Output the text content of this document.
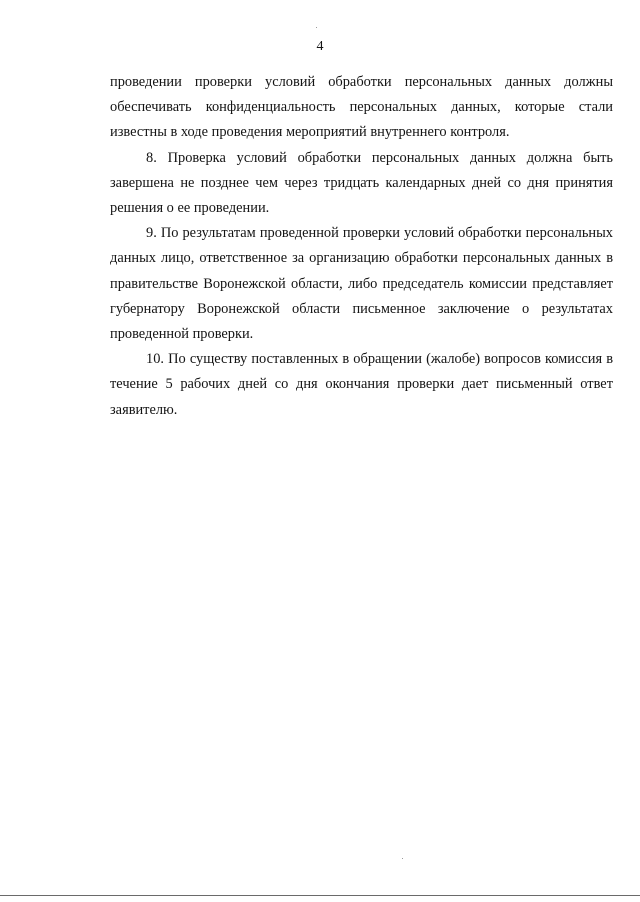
4

проведении проверки условий обработки персональных данных должны обеспечивать конфиденциальность персональных данных, которые стали известны в ходе проведения мероприятий внутреннего контроля.

8. Проверка условий обработки персональных данных должна быть завершена не позднее чем через тридцать календарных дней со дня принятия решения о ее проведении.

9. По результатам проведенной проверки условий обработки персональных данных лицо, ответственное за организацию обработки персональных данных в правительстве Воронежской области, либо председатель комиссии представляет губернатору Воронежской области письменное заключение о результатах проведенной проверки.

10. По существу поставленных в обращении (жалобе) вопросов комиссия в течение 5 рабочих дней со дня окончания проверки дает письменный ответ заявителю.
